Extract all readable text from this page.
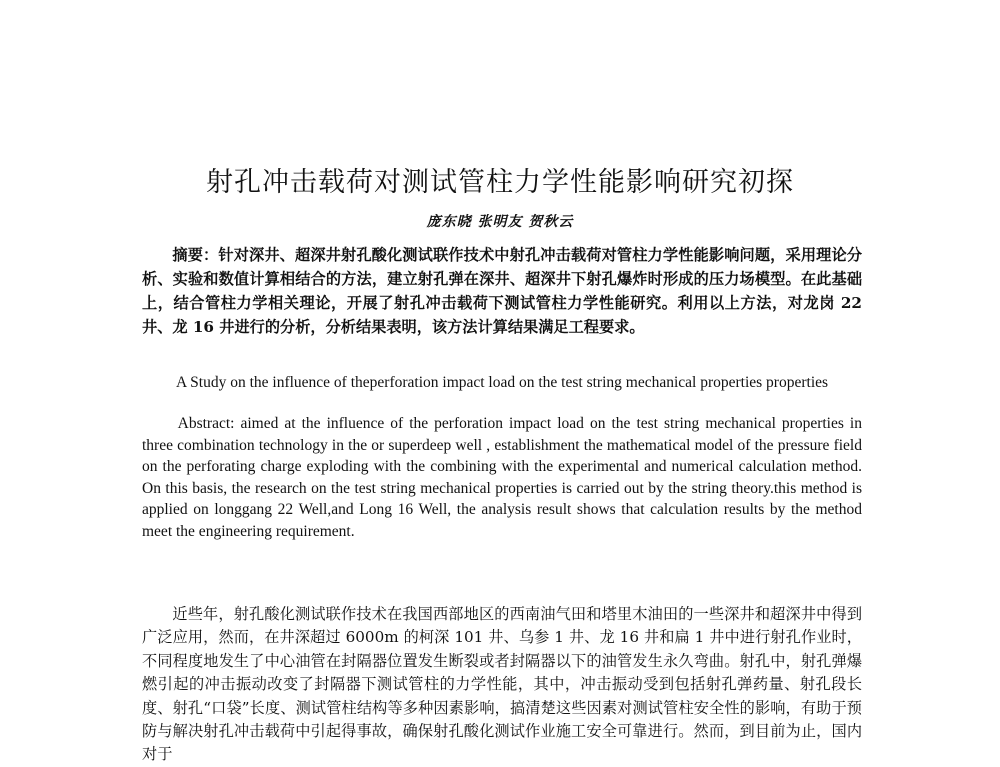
射孔冲击载荷对测试管柱力学性能影响研究初探
庞东晓 张明友 贺秋云
摘要：针对深井、超深井射孔酸化测试联作技术中射孔冲击载荷对管柱力学性能影响问题，采用理论分析、实验和数值计算相结合的方法，建立射孔弹在深井、超深井下射孔爆炸时形成的压力场模型。在此基础上，结合管柱力学相关理论，开展了射孔冲击载荷下测试管柱力学性能研究。利用以上方法，对龙岗 22 井、龙 16 井进行的分析，分析结果表明，该方法计算结果满足工程要求。
A Study on the influence of theperforation impact load on the test string mechanical properties properties
Abstract: aimed at the influence of the perforation impact load on the test string mechanical properties in three combination technology in the or superdeep well , establishment the mathematical model of the pressure field on the perforating charge exploding with the combining with the experimental and numerical calculation method. On this basis, the research on the test string mechanical properties is carried out by the string theory.this method is applied on longgang 22 Well,and Long 16 Well, the analysis result shows that calculation results by the method meet the engineering requirement.
近些年，射孔酸化测试联作技术在我国西部地区的西南油气田和塔里木油田的一些深井和超深井中得到广泛应用，然而，在井深超过 6000m 的柯深 101 井、乌参 1 井、龙 16 井和扁 1 井中进行射孔作业时，不同程度地发生了中心油管在封隔器位置发生断裂或者封隔器以下的油管发生永久弯曲。射孔中，射孔弹爆燃引起的冲击振动改变了封隔器下测试管柱的力学性能，其中，冲击振动受到包括射孔弹药量、射孔段长度、射孔“口袋”长度、测试管柱结构等多种因素影响，搞清楚这些因素对测试管柱安全性的影响，有助于预防与解决射孔冲击载荷中引起得事故，确保射孔酸化测试作业施工安全可靠进行。然而，到目前为止，国内对于
